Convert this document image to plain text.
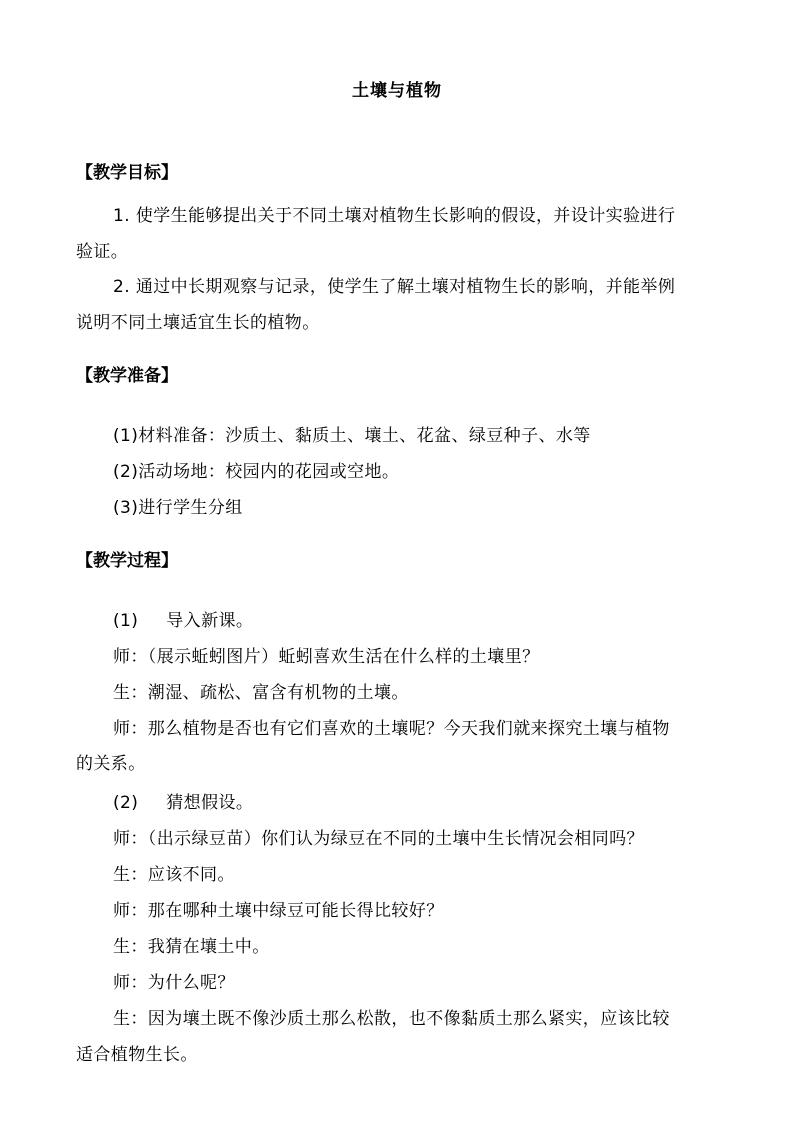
土壤与植物
【教学目标】
1. 使学生能够提出关于不同土壤对植物生长影响的假设，并设计实验进行
验证。
2. 通过中长期观察与记录，使学生了解土壤对植物生长的影响，并能举例
说明不同土壤适宜生长的植物。
【教学准备】
(1)材料准备：沙质土、黏质土、壤土、花盆、绿豆种子、水等
(2)活动场地：校园内的花园或空地。
(3)进行学生分组
【教学过程】
(1) 导入新课。
师：（展示蚯蚓图片）蚯蚓喜欢生活在什么样的土壤里？
生：潮湿、疏松、富含有机物的土壤。
师：那么植物是否也有它们喜欢的土壤呢？今天我们就来探究土壤与植物
的关系。
(2) 猜想假设。
师：（出示绿豆苗）你们认为绿豆在不同的土壤中生长情况会相同吗？
生：应该不同。
师：那在哪种土壤中绿豆可能长得比较好？
生：我猜在壤土中。
师：为什么呢？
生：因为壤土既不像沙质土那么松散，也不像黏质土那么紧实，应该比较
适合植物生长。
